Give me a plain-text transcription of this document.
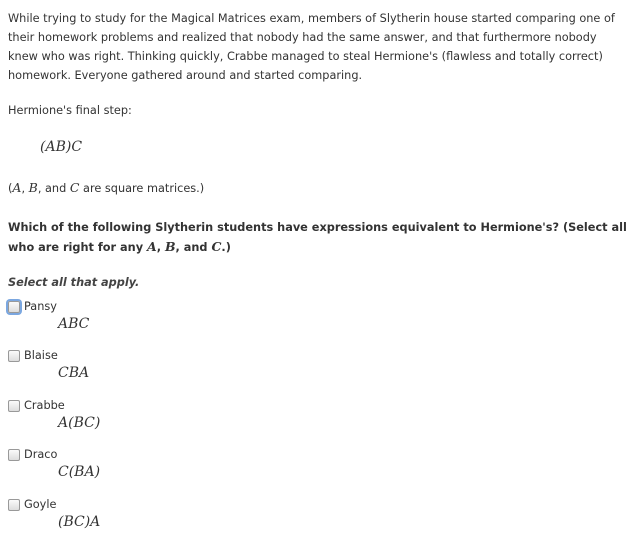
While trying to study for the Magical Matrices exam, members of Slytherin house started comparing one of their homework problems and realized that nobody had the same answer, and that furthermore nobody knew who was right. Thinking quickly, Crabbe managed to steal Hermione's (flawless and totally correct) homework. Everyone gathered around and started comparing.

Hermione's final step:

(AB)C

(A, B, and C are square matrices.)

Which of the following Slytherin students have expressions equivalent to Hermione's? (Select all who are right for any A, B, and C.)

Select all that apply.

Pansy
ABC
Blaise
CBA
Crabbe
A(BC)
Draco
C(BA)
Goyle
(BC)A
